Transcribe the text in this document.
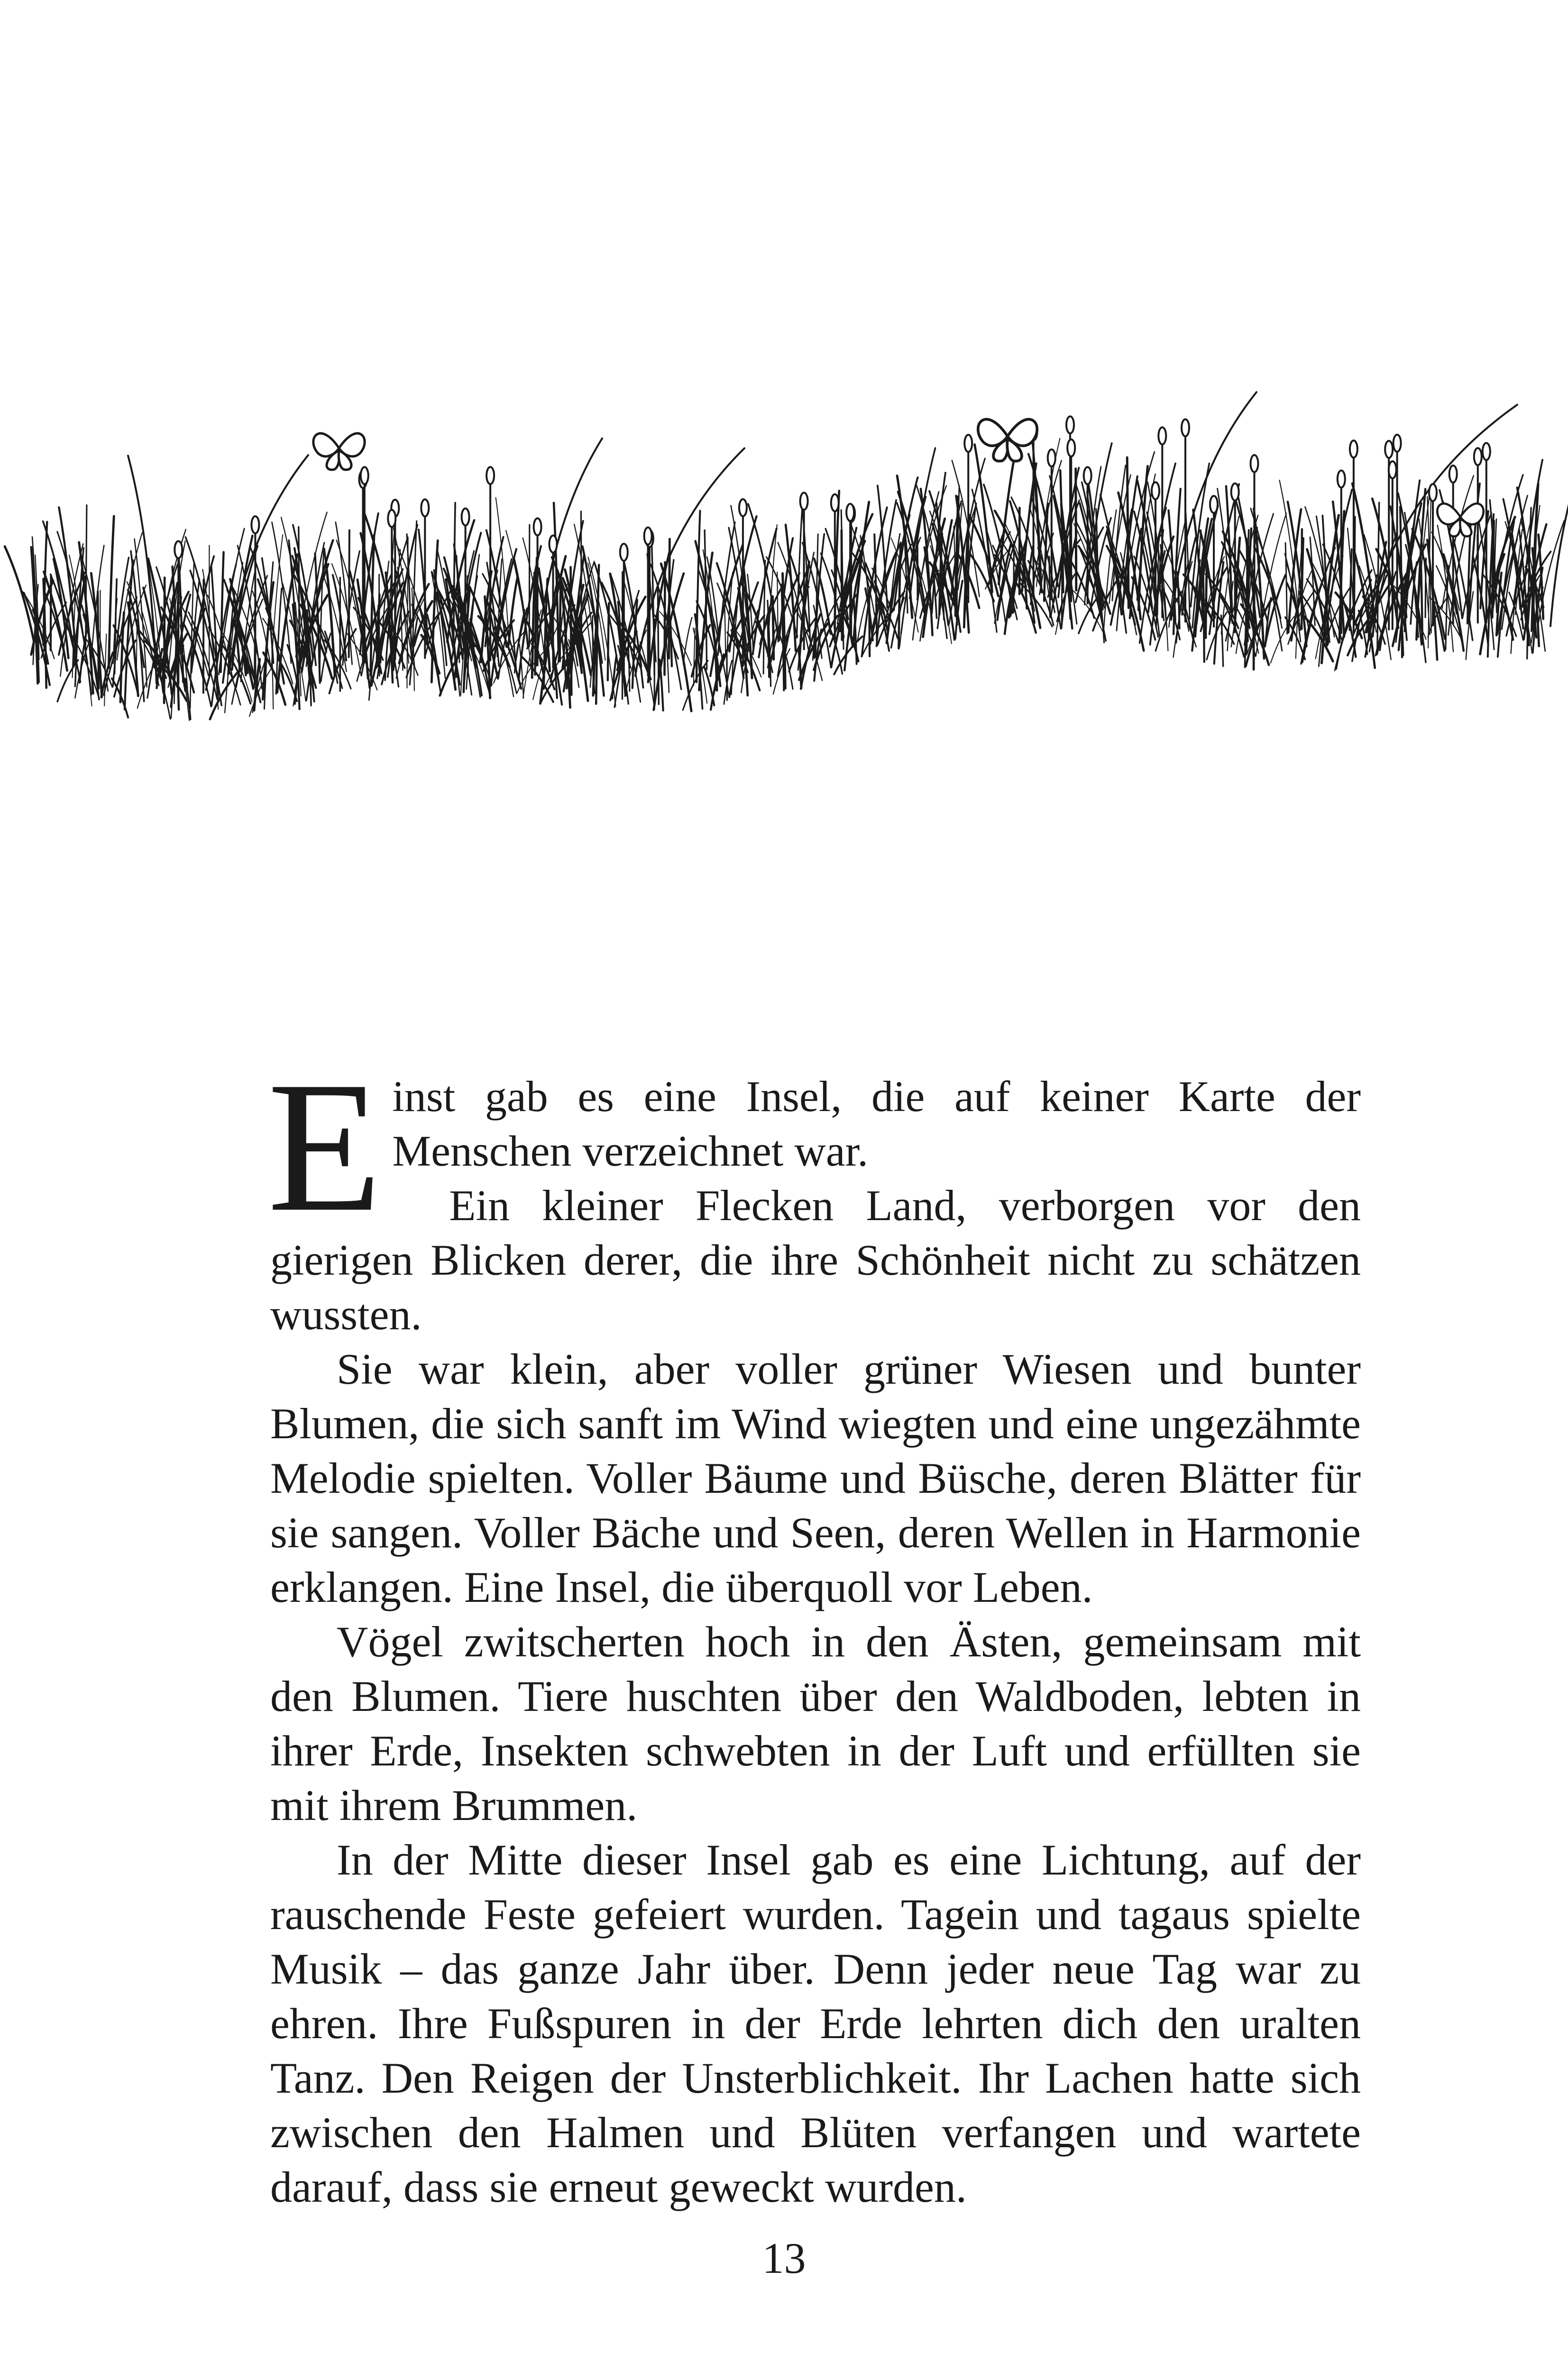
Einst gab es eine Insel, die auf keiner Karte der Menschen verzeichnet war.

Ein kleiner Flecken Land, verborgen vor den gierigen Blicken derer, die ihre Schönheit nicht zu schätzen wussten.

Sie war klein, aber voller grüner Wiesen und bunter Blumen, die sich sanft im Wind wiegten und eine ungezähmte Melodie spielten. Voller Bäume und Büsche, deren Blätter für sie sangen. Voller Bäche und Seen, deren Wellen in Harmonie erklangen. Eine Insel, die überquoll vor Leben.

Vögel zwitscherten hoch in den Ästen, gemeinsam mit den Blumen. Tiere huschten über den Waldboden, lebten in ihrer Erde, Insekten schwebten in der Luft und erfüllten sie mit ihrem Brummen.

In der Mitte dieser Insel gab es eine Lichtung, auf der rauschende Feste gefeiert wurden. Tagein und tagaus spielte Musik – das ganze Jahr über. Denn jeder neue Tag war zu ehren. Ihre Fußspuren in der Erde lehrten dich den uralten Tanz. Den Reigen der Unsterblichkeit. Ihr Lachen hatte sich zwischen den Halmen und Blüten verfangen und wartete darauf, dass sie erneut geweckt wurden.

13
